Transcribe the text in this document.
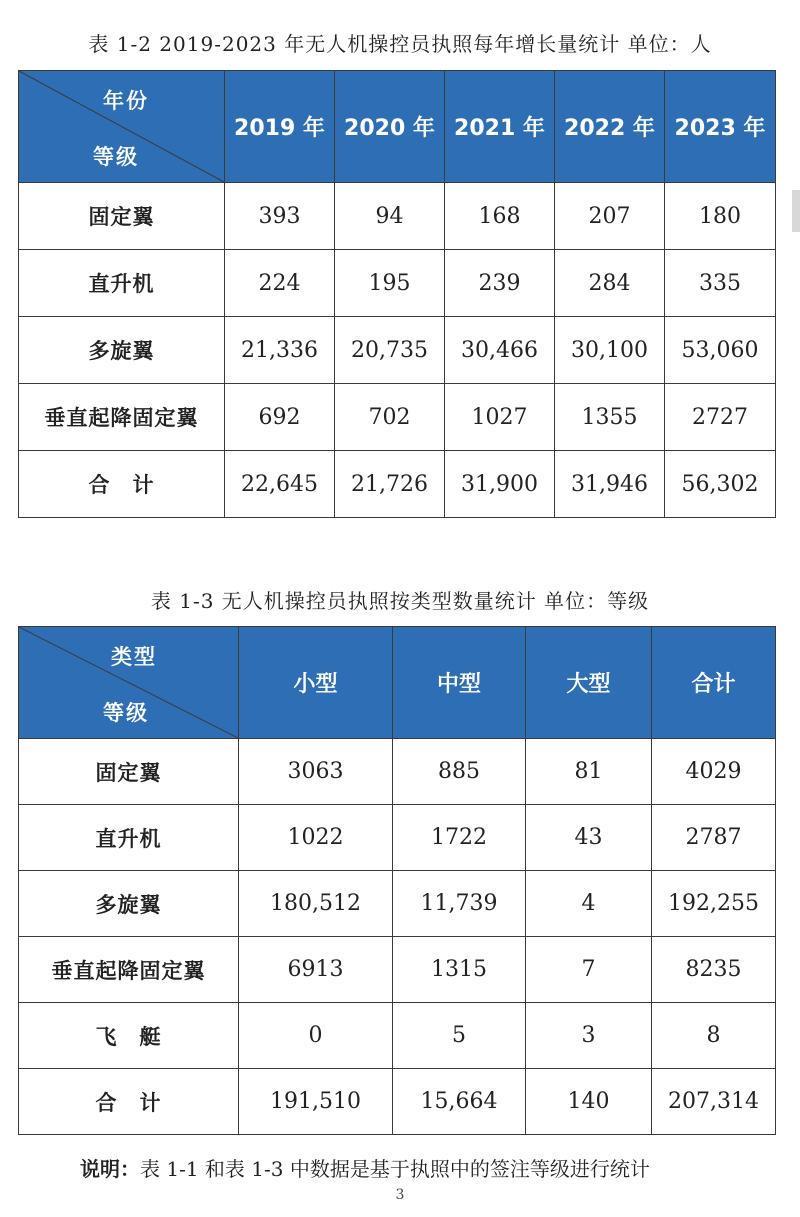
表 1-2 2019-2023 年无人机操控员执照每年增长量统计 单位：人
年份
等级	2019 年	2020 年	2021 年	2022 年	2023 年
固定翼	393	94	168	207	180
直升机	224	195	239	284	335
多旋翼	21,336	20,735	30,466	30,100	53,060
垂直起降固定翼	692	702	1027	1355	2727
合　计	22,645	21,726	31,900	31,946	56,302
表 1-3 无人机操控员执照按类型数量统计 单位：等级
类型
等级	小型	中型	大型	合计
固定翼	3063	885	81	4029
直升机	1022	1722	43	2787
多旋翼	180,512	11,739	4	192,255
垂直起降固定翼	6913	1315	7	8235
飞　艇	0	5	3	8
合　计	191,510	15,664	140	207,314
说明：表 1-1 和表 1-3 中数据是基于执照中的签注等级进行统计
3
